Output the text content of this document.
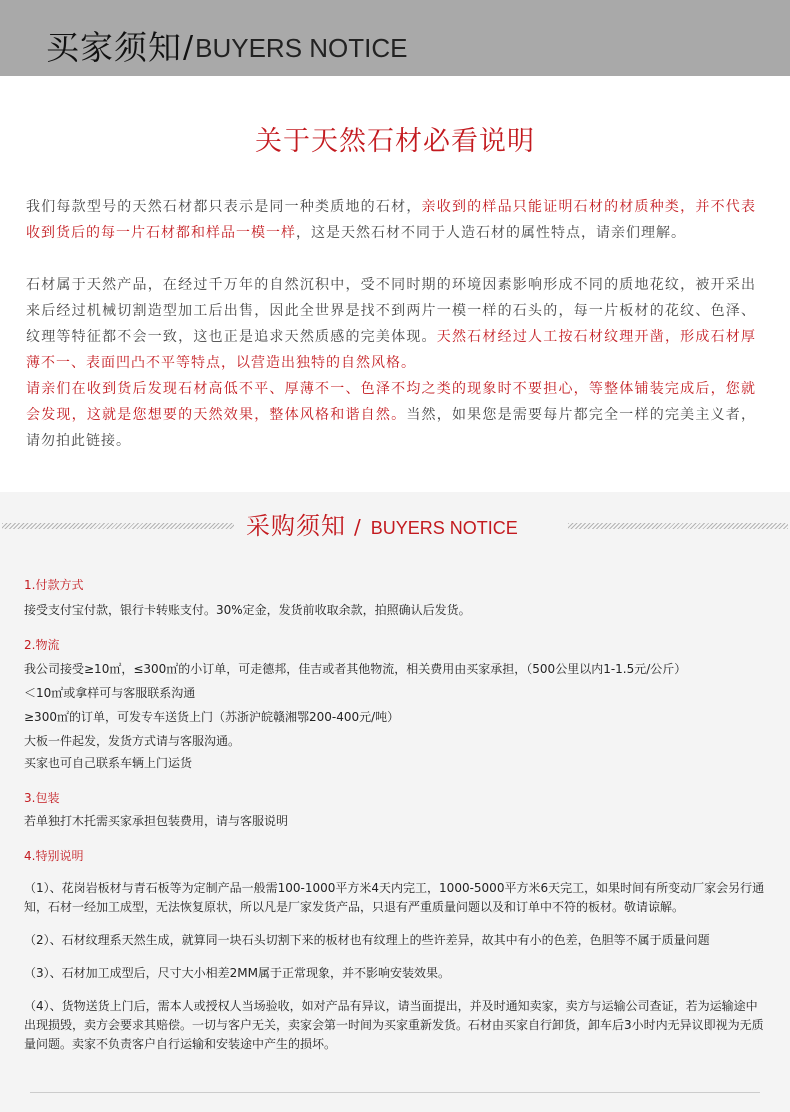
买家须知 / BUYERS NOTICE
关于天然石材必看说明
我们每款型号的天然石材都只表示是同一种类质地的石材，亲收到的样品只能证明石材的材质种类，并不代表收到货后的每一片石材都和样品一模一样，这是天然石材不同于人造石材的属性特点，请亲们理解。
石材属于天然产品，在经过千万年的自然沉积中，受不同时期的环境因素影响形成不同的质地花纹，被开采出来后经过机械切割造型加工后出售，因此全世界是找不到两片一模一样的石头的，每一片板材的花纹、色泽、纹理等特征都不会一致，这也正是追求天然质感的完美体现。天然石材经过人工按石材纹理开凿，形成石材厚薄不一、表面凹凸不平等特点，以营造出独特的自然风格。
请亲们在收到货后发现石材高低不平、厚薄不一、色泽不均之类的现象时不要担心，等整体铺装完成后，您就会发现，这就是您想要的天然效果，整体风格和谐自然。当然，如果您是需要每片都完全一样的完美主义者，请勿拍此链接。
采购须知 / BUYERS NOTICE
1.付款方式
接受支付宝付款，银行卡转账支付。30%定金，发货前收取余款，拍照确认后发货。
2.物流
我公司接受≥10㎡，≤300㎡的小订单，可走德邦，佳吉或者其他物流，相关费用由买家承担，（500公里以内1-1.5元/公斤）
＜10㎡或拿样可与客服联系沟通
≥300㎡的订单，可发专车送货上门（苏浙沪皖赣湘鄂200-400元/吨）
大板一件起发，发货方式请与客服沟通。
买家也可自己联系车辆上门运货
3.包装
若单独打木托需买家承担包装费用，请与客服说明
4.特别说明
（1）、花岗岩板材与青石板等为定制产品一般需100-1000平方米4天内完工，1000-5000平方米6天完工，如果时间有所变动厂家会另行通知，石材一经加工成型，无法恢复原状，所以凡是厂家发货产品，只退有严重质量问题以及和订单中不符的板材。敬请谅解。
（2）、石材纹理系天然生成，就算同一块石头切割下来的板材也有纹理上的些许差异，故其中有小的色差，色胆等不属于质量问题
（3）、石材加工成型后，尺寸大小相差2MM属于正常现象，并不影响安装效果。
（4）、货物送货上门后，需本人或授权人当场验收，如对产品有异议，请当面提出，并及时通知卖家，卖方与运输公司查证，若为运输途中出现损毁，卖方会要求其赔偿。一切与客户无关，卖家会第一时间为买家重新发货。石材由买家自行卸货，卸车后3小时内无异议即视为无质量问题。卖家不负责客户自行运输和安装途中产生的损坏。
